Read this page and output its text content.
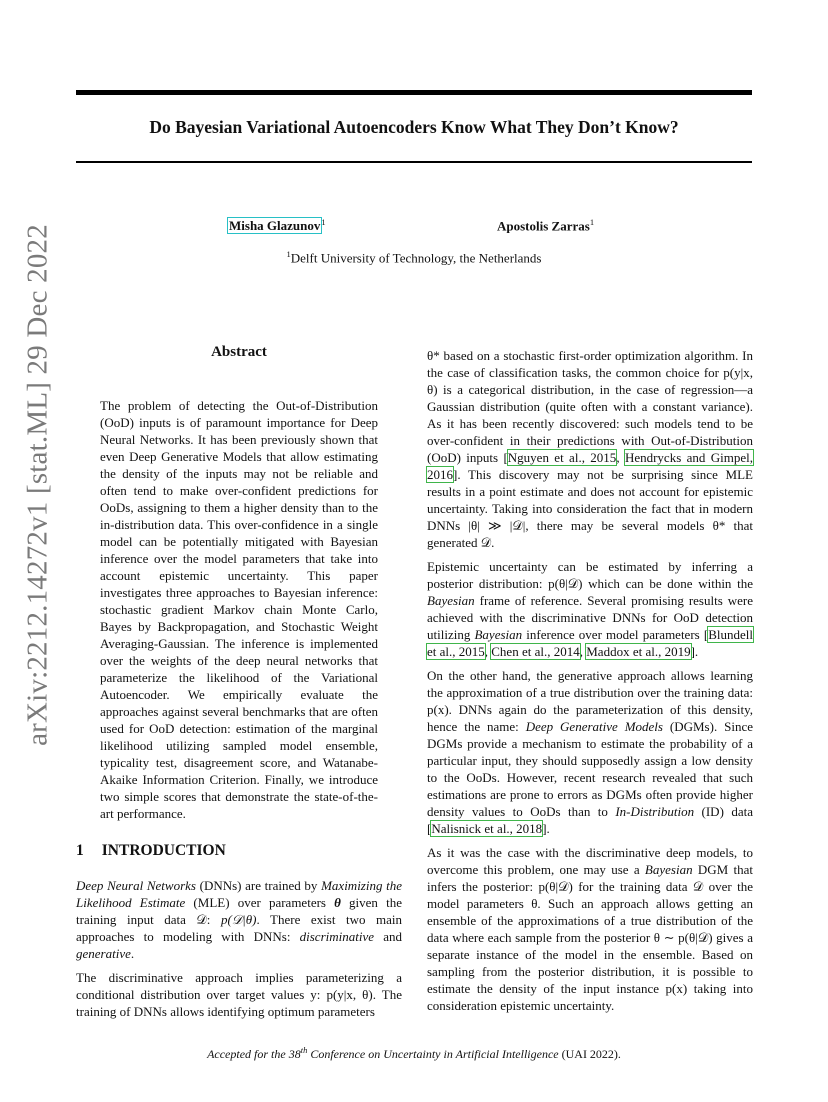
Do Bayesian Variational Autoencoders Know What They Don’t Know?
Misha Glazunov$^1$	Apostolis Zarras$^1$
$^1$Delft University of Technology, the Netherlands
arXiv:2212.14272v1 [stat.ML] 29 Dec 2022	Abstract

The problem of detecting the Out-of-Distribution (OoD) inputs is of paramount importance for Deep Neural Networks. It has been previously shown that even Deep Generative Models that allow estimating the density of the inputs may not be reliable and often tend to make over-confident predictions for OoDs, assigning to them a higher density than to the in-distribution data. This over-confidence in a single model can be potentially mitigated with Bayesian inference over the model parameters that take into account epistemic uncertainty. This paper investigates three approaches to Bayesian inference: stochastic gradient Markov chain Monte Carlo, Bayes by Backpropagation, and Stochastic Weight Averaging-Gaussian. The inference is implemented over the weights of the deep neural networks that parameterize the likelihood of the Variational Autoencoder. We empirically evaluate the approaches against several benchmarks that are often used for OoD detection: estimation of the marginal likelihood utilizing sampled model ensemble, typicality test, disagreement score, and Watanabe-Akaike Information Criterion. Finally, we introduce two simple scores that demonstrate the state-of-the-art performance.

1 INTRODUCTION

Deep Neural Networks (DNNs) are trained by Maximizing the Likelihood Estimate (MLE) over parameters θ given the training input data 𝒟: p(𝒟|θ). There exist two main approaches to modeling with DNNs: discriminative and generative.

The discriminative approach implies parameterizing a conditional distribution over target values y: p(y|x, θ). The training of DNNs allows identifying optimum parameters

θ* based on a stochastic first-order optimization algorithm. In the case of classification tasks, the common choice for p(y|x, θ) is a categorical distribution, in the case of regression—a Gaussian distribution (quite often with a constant variance). As it has been recently discovered: such models tend to be over-confident in their predictions with Out-of-Distribution (OoD) inputs [Nguyen et al., 2015, Hendrycks and Gimpel, 2016]. This discovery may not be surprising since MLE results in a point estimate and does not account for epistemic uncertainty. Taking into consideration the fact that in modern DNNs |θ| ≫ |𝒟|, there may be several models θ* that generated 𝒟.

Epistemic uncertainty can be estimated by inferring a posterior distribution: p(θ|𝒟) which can be done within the Bayesian frame of reference. Several promising results were achieved with the discriminative DNNs for OoD detection utilizing Bayesian inference over model parameters [Blundell et al., 2015, Chen et al., 2014, Maddox et al., 2019].

On the other hand, the generative approach allows learning the approximation of a true distribution over the training data: p(x). DNNs again do the parameterization of this density, hence the name: Deep Generative Models (DGMs). Since DGMs provide a mechanism to estimate the probability of a particular input, they should supposedly assign a low density to the OoDs. However, recent research revealed that such estimations are prone to errors as DGMs often provide higher density values to OoDs than to In-Distribution (ID) data [Nalisnick et al., 2018].

As it was the case with the discriminative deep models, to overcome this problem, one may use a Bayesian DGM that infers the posterior: p(θ|𝒟) for the training data 𝒟 over the model parameters θ. Such an approach allows getting an ensemble of the approximations of a true distribution of the data where each sample from the posterior θ ∼ p(θ|𝒟) gives a separate instance of the model in the ensemble. Based on sampling from the posterior distribution, it is possible to estimate the density of the input instance p(x) taking into consideration epistemic uncertainty.

Accepted for the 38th Conference on Uncertainty in Artificial Intelligence (UAI 2022).
